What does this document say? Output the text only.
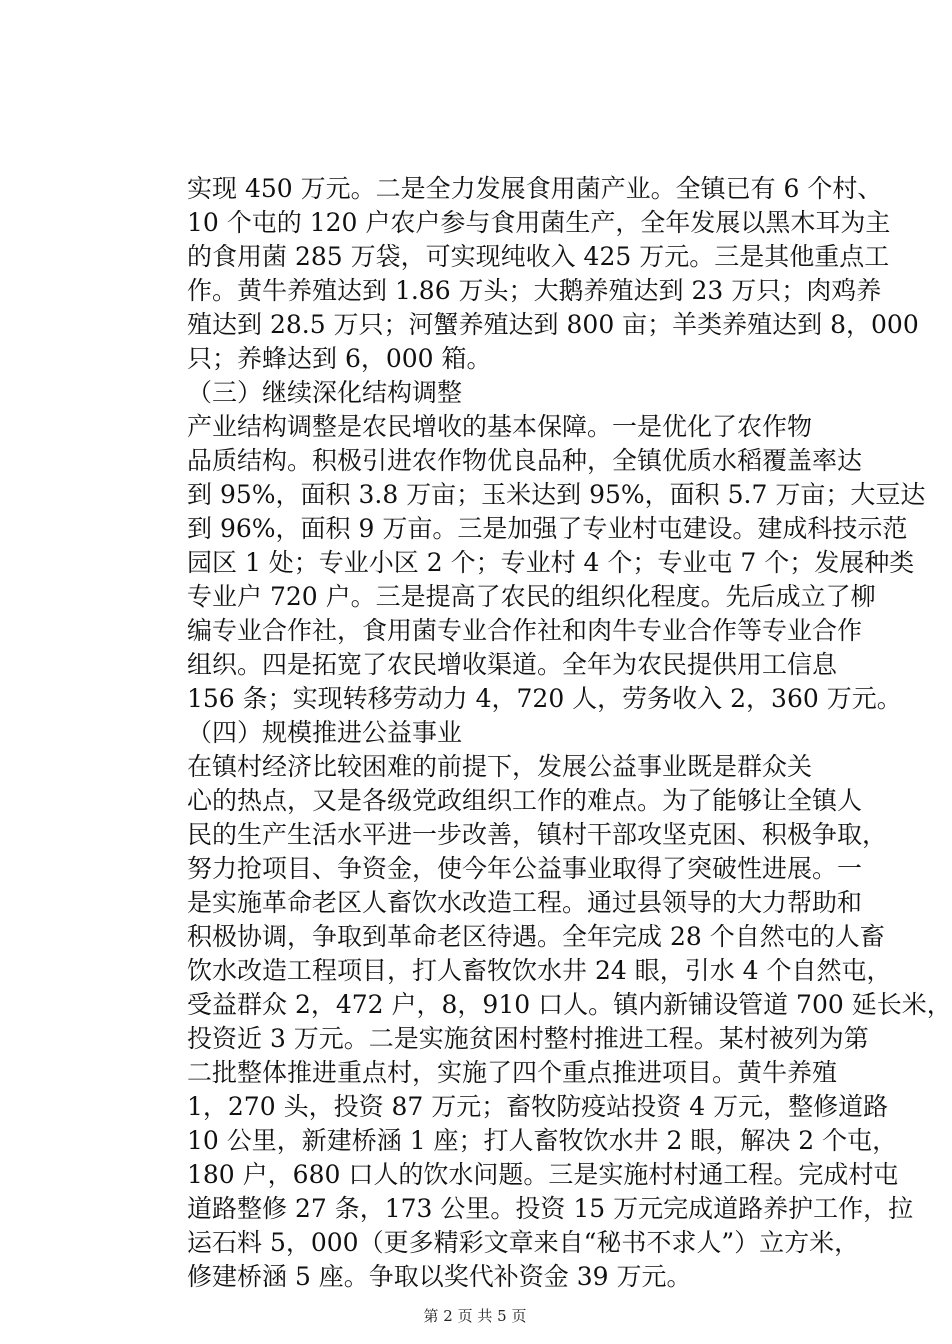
实现 450 万元。二是全力发展食用菌产业。全镇已有 6 个村、
10 个屯的 120 户农户参与食用菌生产，全年发展以黑木耳为主
的食用菌 285 万袋，可实现纯收入 425 万元。三是其他重点工
作。黄牛养殖达到 1.86 万头；大鹅养殖达到 23 万只；肉鸡养
殖达到 28.5 万只；河蟹养殖达到 800 亩；羊类养殖达到 8，000
只；养蜂达到 6，000 箱。
（三）继续深化结构调整
产业结构调整是农民增收的基本保障。一是优化了农作物
品质结构。积极引进农作物优良品种，全镇优质水稻覆盖率达
到 95%，面积 3.8 万亩；玉米达到 95%，面积 5.7 万亩；大豆达
到 96%，面积 9 万亩。三是加强了专业村屯建设。建成科技示范
园区 1 处；专业小区 2 个；专业村 4 个；专业屯 7 个；发展种类
专业户 720 户。三是提高了农民的组织化程度。先后成立了柳
编专业合作社，食用菌专业合作社和肉牛专业合作等专业合作
组织。四是拓宽了农民增收渠道。全年为农民提供用工信息
156 条；实现转移劳动力 4，720 人，劳务收入 2，360 万元。
（四）规模推进公益事业
在镇村经济比较困难的前提下，发展公益事业既是群众关
心的热点，又是各级党政组织工作的难点。为了能够让全镇人
民的生产生活水平进一步改善，镇村干部攻坚克困、积极争取，
努力抢项目、争资金，使今年公益事业取得了突破性进展。一
是实施革命老区人畜饮水改造工程。通过县领导的大力帮助和
积极协调，争取到革命老区待遇。全年完成 28 个自然屯的人畜
饮水改造工程项目，打人畜牧饮水井 24 眼，引水 4 个自然屯，
受益群众 2，472 户，8，910 口人。镇内新铺设管道 700 延长米，
投资近 3 万元。二是实施贫困村整村推进工程。某村被列为第
二批整体推进重点村，实施了四个重点推进项目。黄牛养殖
1，270 头，投资 87 万元；畜牧防疫站投资 4 万元，整修道路
10 公里，新建桥涵 1 座；打人畜牧饮水井 2 眼，解决 2 个屯，
180 户，680 口人的饮水问题。三是实施村村通工程。完成村屯
道路整修 27 条，173 公里。投资 15 万元完成道路养护工作，拉
运石料 5，000（更多精彩文章来自“秘书不求人”）立方米，
修建桥涵 5 座。争取以奖代补资金 39 万元。
第 2 页 共 5 页
